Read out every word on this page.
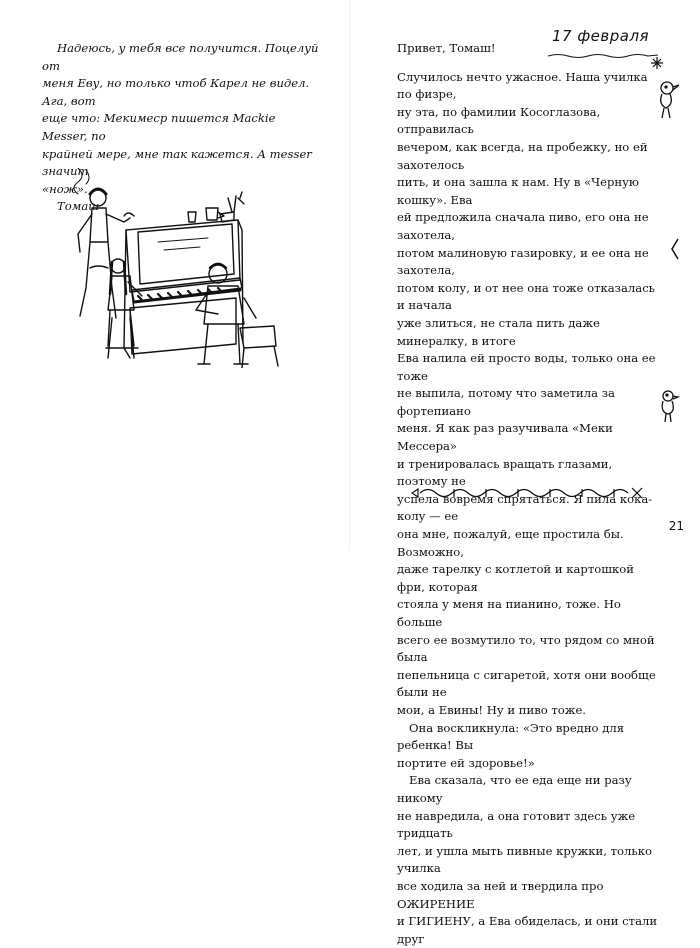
Надеюсь, у тебя все получится. Поцелуй от

меня Еву, но только чтоб Карел не видел. Ага, вот

еще что: Мекимеср пишется Mackie Messer, по

крайней мере, мне так кажется. А messer значит

«нож».

Томаш

17 февраля

Привет, Томаш!

Случилось нечто ужасное. Наша училка по физре,

ну эта, по фамилии Косоглазова, отправилась

вечером, как всегда, на пробежку, но ей захотелось

пить, и она зашла к нам. Ну в «Черную кошку». Ева

ей предложила сначала пиво, его она не захотела,

потом малиновую газировку, и ее она не захотела,

потом колу, и от нее она тоже отказалась и начала

уже злиться, не стала пить даже минералку, в итоге

Ева налила ей просто воды, только она ее тоже

не выпила, потому что заметила за фортепиано

меня. Я как раз разучивала «Меки Мессера»

и тренировалась вращать глазами, поэтому не

успела вовремя спрятаться. Я пила кока-колу — ее

она мне, пожалуй, еще простила бы. Возможно,

даже тарелку с котлетой и картошкой фри, которая

стояла у меня на пианино, тоже. Но больше

всего ее возмутило то, что рядом со мной была

пепельница с сигаретой, хотя они вообще были не

мои, а Евины! Ну и пиво тоже.

Она воскликнула: «Это вредно для ребенка! Вы

портите ей здоровье!»

Ева сказала, что ее еда еще ни разу никому

не навредила, а она готовит здесь уже тридцать

лет, и ушла мыть пивные кружки, только училка

все ходила за ней и твердила про ОЖИРЕНИЕ

и ГИГИЕНУ, а Ева обиделась, и они стали друг

21
